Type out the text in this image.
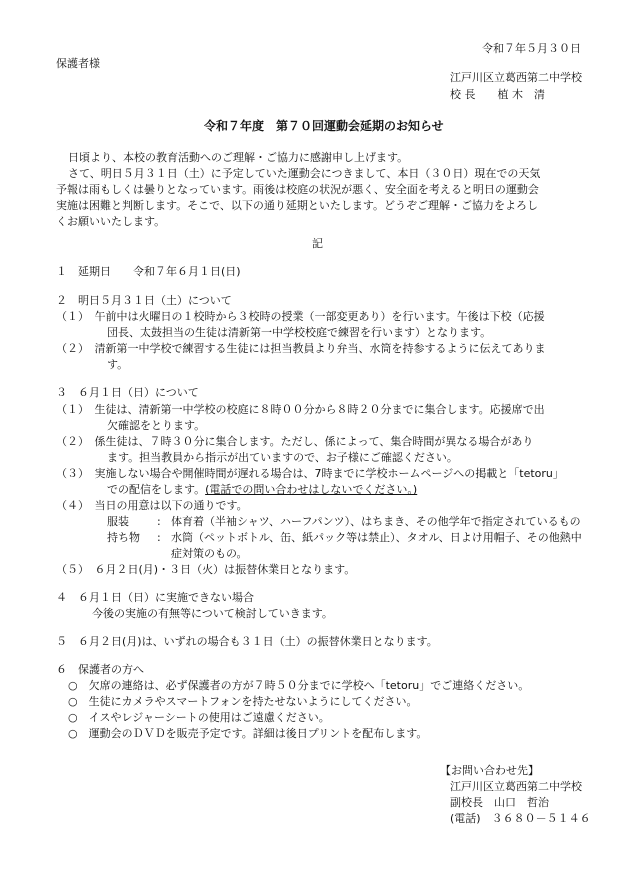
令和７年５月３０日
保護者様
江戸川区立葛西第二中学校
校 長　　植 木　清
令和７年度　第７０回運動会延期のお知らせ
日頃より、本校の教育活動へのご理解・ご協力に感謝申し上げます。
さて、明日５月３１日（土）に予定していた運動会につきまして、本日（３０日）現在での天気
予報は雨もしくは曇りとなっています。雨後は校庭の状況が悪く、安全面を考えると明日の運動会
実施は困難と判断します。そこで、以下の通り延期といたします。どうぞご理解・ご協力をよろし
くお願いいたします。
記
１　延期日　　令和７年６月１日(日)
２　明日５月３１日（土）について
（１）　午前中は火曜日の１校時から３校時の授業（一部変更あり）を行います。午後は下校（応援
団長、太鼓担当の生徒は清新第一中学校校庭で練習を行います）となります。
（２）　清新第一中学校で練習する生徒には担当教員より弁当、水筒を持参するように伝えてありま
す。
３　６月１日（日）について
（１）　生徒は、清新第一中学校の校庭に８時００分から８時２０分までに集合します。応援席で出
欠確認をとります。
（２）　係生徒は、７時３０分に集合します。ただし、係によって、集合時間が異なる場合があり
ます。担当教員から指示が出ていますので、お子様にご確認ください。
（３）　実施しない場合や開催時間が遅れる場合は、7時までに学校ホームページへの掲載と「tetoru」
での配信をします。(電話での問い合わせはしないでください。)
（４）　当日の用意は以下の通りです。
服装	: 体育着（半袖シャツ、ハーフパンツ）、はちまき、その他学年で指定されているもの
持ち物 : 水筒（ペットボトル、缶、紙パック等は禁止）、タオル、日よけ用帽子、その他熱中
症対策のもの。
（５）　６月２日(月)・３日（火）は振替休業日となります。
４　６月１日（日）に実施できない場合
今後の実施の有無等について検討していきます。
５　６月２日(月)は、いずれの場合も３１日（土）の振替休業日となります。
６　保護者の方へ
○　欠席の連絡は、必ず保護者の方が７時５０分までに学校へ「tetoru」でご連絡ください。
○　生徒にカメラやスマートフォンを持たせないようにしてください。
○　イスやレジャーシートの使用はご遠慮ください。
○　運動会のＤＶＤを販売予定です。詳細は後日プリントを配布します。
【お問い合わせ先】
江戸川区立葛西第二中学校
副校長　山口　哲治
(電話)　３６８０－５１４６
